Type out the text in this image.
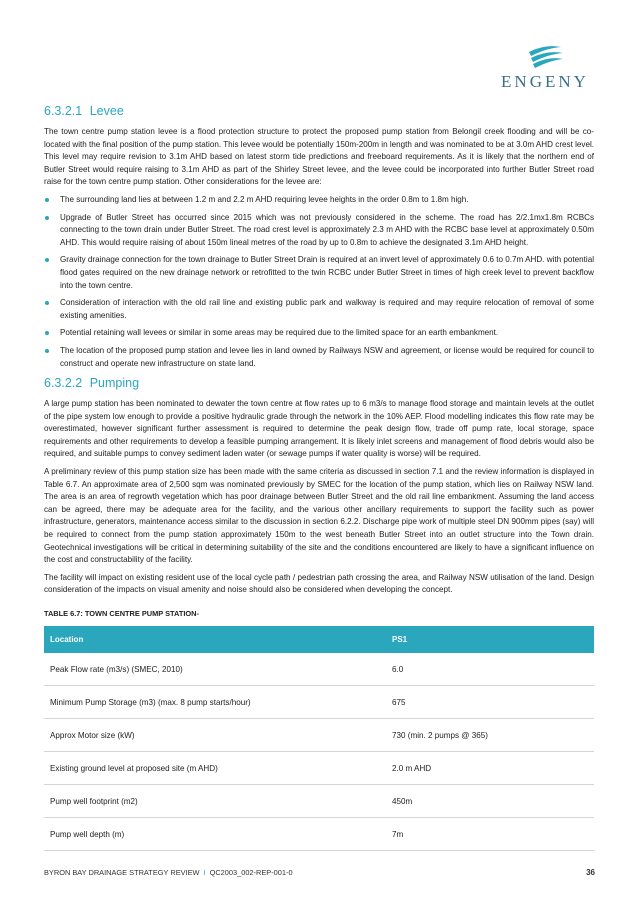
ENGENY
6.3.2.1 Levee

The town centre pump station levee is a flood protection structure to protect the proposed pump station from Belongil creek flooding and will be co-located with the final position of the pump station. This levee would be potentially 150m-200m in length and was nominated to be at 3.0m AHD crest level. This level may require revision to 3.1m AHD based on latest storm tide predictions and freeboard requirements. As it is likely that the northern end of Butler Street would require raising to 3.1m AHD as part of the Shirley Street levee, and the levee could be incorporated into further Butler Street road raise for the town centre pump station. Other considerations for the levee are:

The surrounding land lies at between 1.2 m and 2.2 m AHD requiring levee heights in the order 0.8m to 1.8m high.
Upgrade of Butler Street has occurred since 2015 which was not previously considered in the scheme. The road has 2/2.1mx1.8m RCBCs connecting to the town drain under Butler Street. The road crest level is approximately 2.3 m AHD with the RCBC base level at approximately 0.50m AHD. This would require raising of about 150m lineal metres of the road by up to 0.8m to achieve the designated 3.1m AHD height.
Gravity drainage connection for the town drainage to Butler Street Drain is required at an invert level of approximately 0.6 to 0.7m AHD. with potential flood gates required on the new drainage network or retrofitted to the twin RCBC under Butler Street in times of high creek level to prevent backflow into the town centre.
Consideration of interaction with the old rail line and existing public park and walkway is required and may require relocation of removal of some existing amenities.
Potential retaining wall levees or similar in some areas may be required due to the limited space for an earth embankment.
The location of the proposed pump station and levee lies in land owned by Railways NSW and agreement, or license would be required for council to construct and operate new infrastructure on state land.
6.3.2.2 Pumping

A large pump station has been nominated to dewater the town centre at flow rates up to 6 m3/s to manage flood storage and maintain levels at the outlet of the pipe system low enough to provide a positive hydraulic grade through the network in the 10% AEP. Flood modelling indicates this flow rate may be overestimated, however significant further assessment is required to determine the peak design flow, trade off pump rate, local storage, space requirements and other requirements to develop a feasible pumping arrangement. It is likely inlet screens and management of flood debris would also be required, and suitable pumps to convey sediment laden water (or sewage pumps if water quality is worse) will be required.

A preliminary review of this pump station size has been made with the same criteria as discussed in section 7.1 and the review information is displayed in Table 6.7. An approximate area of 2,500 sqm was nominated previously by SMEC for the location of the pump station, which lies on Railway NSW land. The area is an area of regrowth vegetation which has poor drainage between Butler Street and the old rail line embankment. Assuming the land access can be agreed, there may be adequate area for the facility, and the various other ancillary requirements to support the facility such as power infrastructure, generators, maintenance access similar to the discussion in section 6.2.2. Discharge pipe work of multiple steel DN 900mm pipes (say) will be required to connect from the pump station approximately 150m to the west beneath Butler Street into an outlet structure into the Town drain. Geotechnical investigations will be critical in determining suitability of the site and the conditions encountered are likely to have a significant influence on the cost and constructability of the facility.

The facility will impact on existing resident use of the local cycle path / pedestrian path crossing the area, and Railway NSW utilisation of the land. Design consideration of the impacts on visual amenity and noise should also be considered when developing the concept.

TABLE 6.7: TOWN CENTRE PUMP STATION-
Location	PS1
Peak Flow rate (m3/s) (SMEC, 2010)	6.0
Minimum Pump Storage (m3) (max. 8 pump starts/hour)	675
Approx Motor size (kW)	730 (min. 2 pumps @ 365)
Existing ground level at proposed site (m AHD)	2.0 m AHD
Pump well footprint (m2)	450m
Pump well depth (m)	7m
BYRON BAY DRAINAGE STRATEGY REVIEW I QC2003_002-REP-001-0	36
